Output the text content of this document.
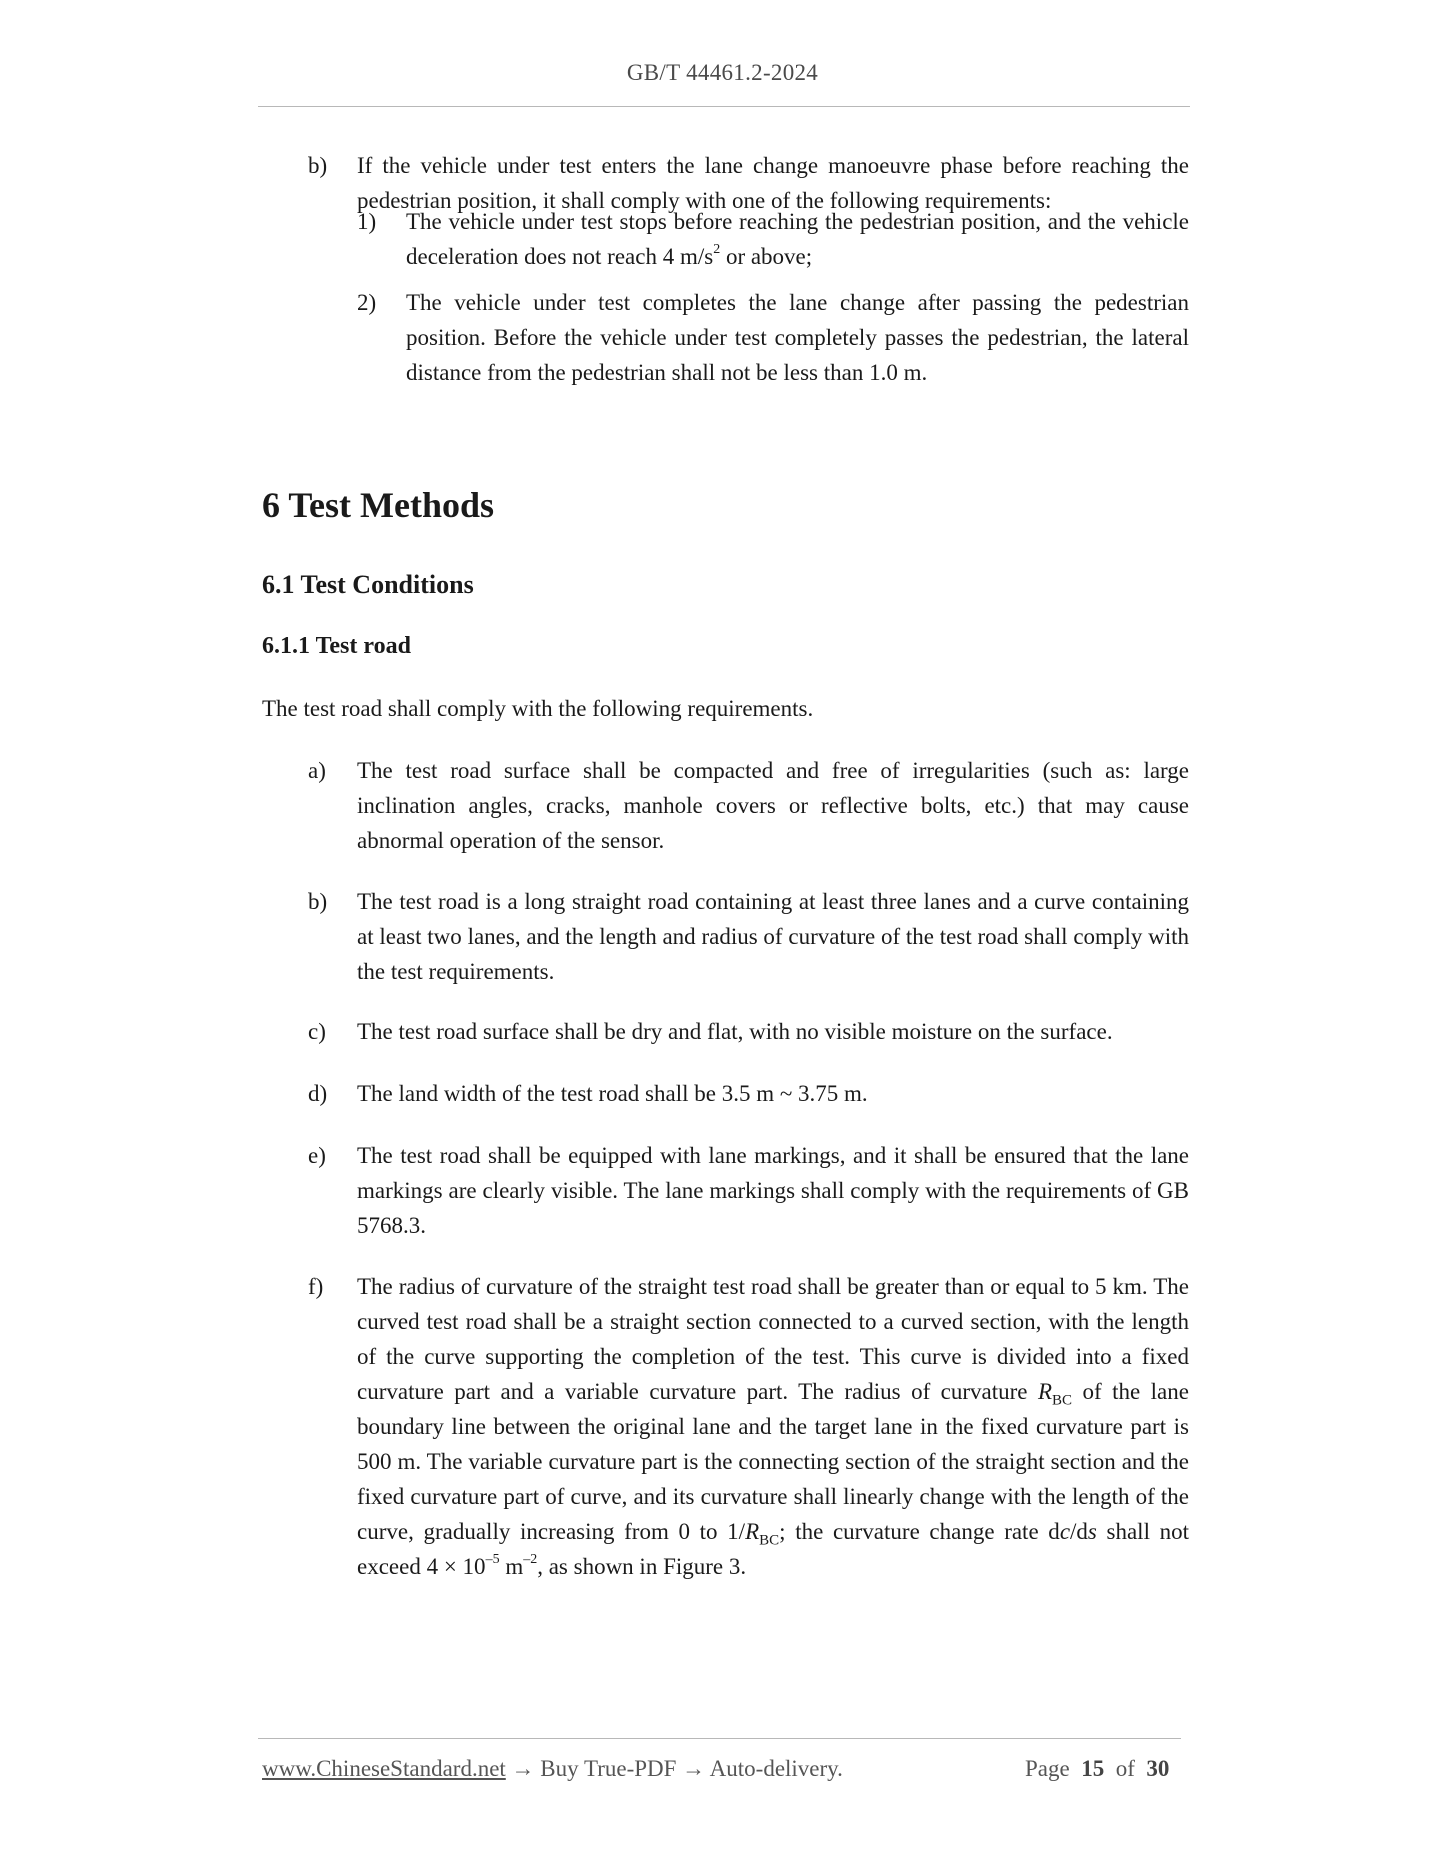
GB/T 44461.2-2024
b) If the vehicle under test enters the lane change manoeuvre phase before reaching the pedestrian position, it shall comply with one of the following requirements:
1) The vehicle under test stops before reaching the pedestrian position, and the vehicle deceleration does not reach 4 $m/s^2$ or above;
2) The vehicle under test completes the lane change after passing the pedestrian position. Before the vehicle under test completely passes the pedestrian, the lateral distance from the pedestrian shall not be less than 1.0 m.
6 Test Methods
6.1 Test Conditions
6.1.1 Test road
The test road shall comply with the following requirements.
a) The test road surface shall be compacted and free of irregularities (such as: large inclination angles, cracks, manhole covers or reflective bolts, etc.) that may cause abnormal operation of the sensor.
b) The test road is a long straight road containing at least three lanes and a curve containing at least two lanes, and the length and radius of curvature of the test road shall comply with the test requirements.
c) The test road surface shall be dry and flat, with no visible moisture on the surface.
d) The land width of the test road shall be 3.5 m ~ 3.75 m.
e) The test road shall be equipped with lane markings, and it shall be ensured that the lane markings are clearly visible. The lane markings shall comply with the requirements of GB 5768.3.
f) The radius of curvature of the straight test road shall be greater than or equal to 5 km. The curved test road shall be a straight section connected to a curved section, with the length of the curve supporting the completion of the test. This curve is divided into a fixed curvature part and a variable curvature part. The radius of curvature $R_{BC}$ of the lane boundary line between the original lane and the target lane in the fixed curvature part is 500 m. The variable curvature part is the connecting section of the straight section and the fixed curvature part of curve, and its curvature shall linearly change with the length of the curve, gradually increasing from 0 to $1/R_{BC}$; the curvature change rate dc/ds shall not exceed $4 \times 10^{-5}$ $m^{-2}$, as shown in Figure 3.
www.ChineseStandard.net → Buy True-PDF → Auto-delivery.	Page 15 of 30
